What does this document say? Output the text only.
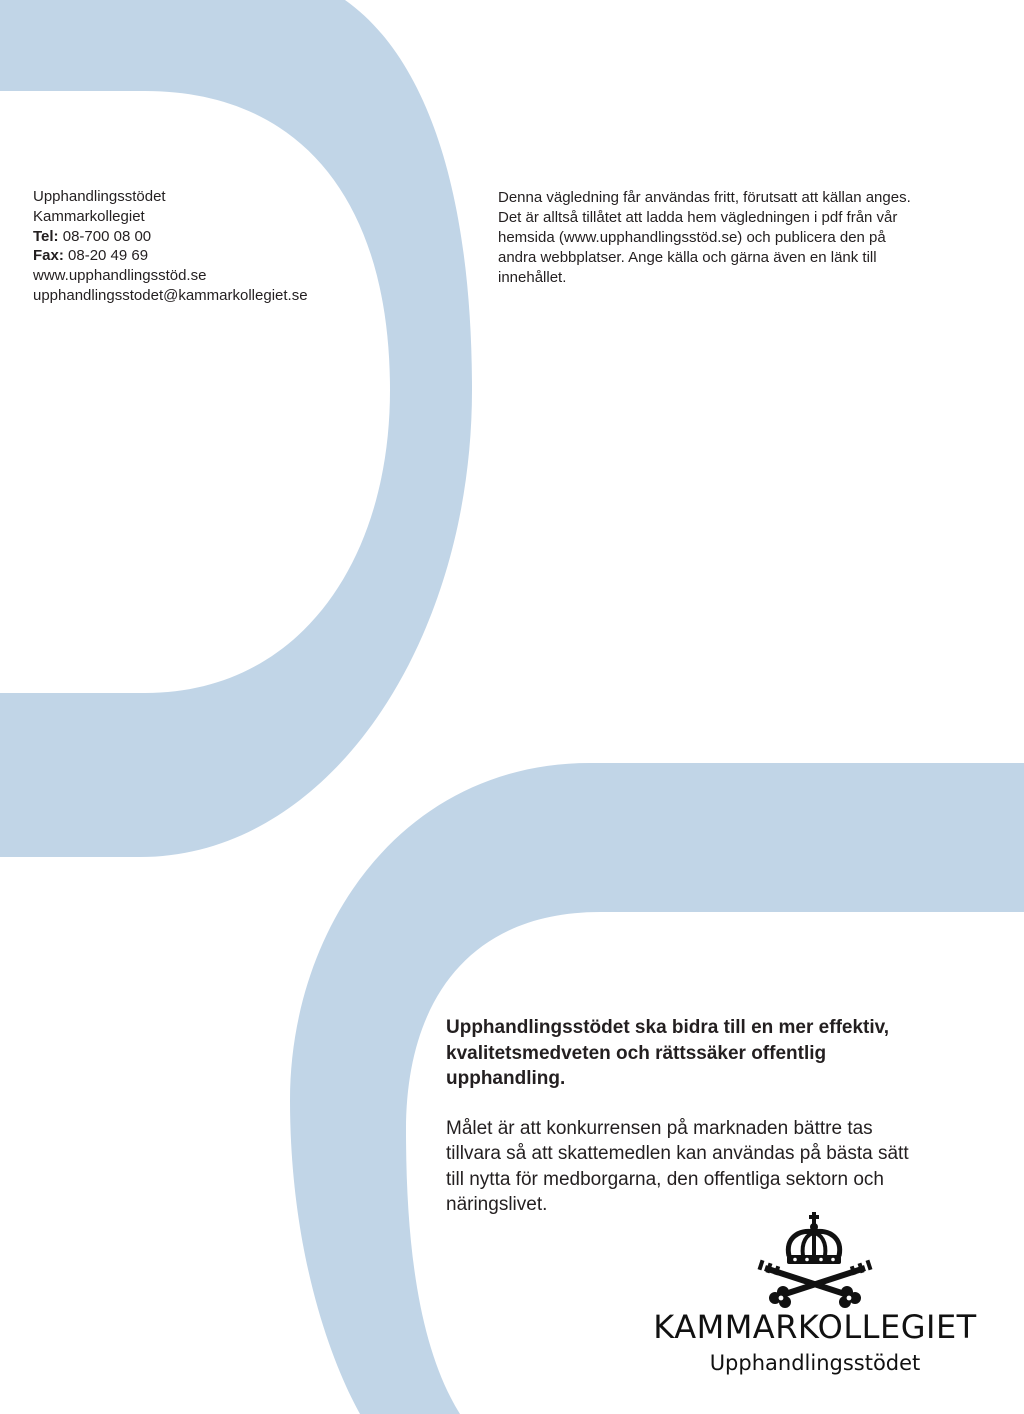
Upphandlingsstödet
Kammarkollegiet
Tel: 08-700 08 00
Fax: 08-20 49 69
www.upphandlingsstöd.se
upphandlingsstodet@kammarkollegiet.se
Denna vägledning får användas fritt, förutsatt att källan anges.
Det är alltså tillåtet att ladda hem vägledningen i pdf från vår
hemsida (www.upphandlingsstöd.se) och publicera den på
andra webbplatser. Ange källa och gärna även en länk till
innehållet.
Upphandlingsstödet ska bidra till en mer effektiv,
kvalitetsmedveten och rättssäker offentlig
upphandling.
Målet är att konkurrensen på marknaden bättre tas
tillvara så att skattemedlen kan användas på bästa sätt
till nytta för medborgarna, den offentliga sektorn och
näringslivet.
KAMMARKOLLEGIET
Upphandlingsstödet
